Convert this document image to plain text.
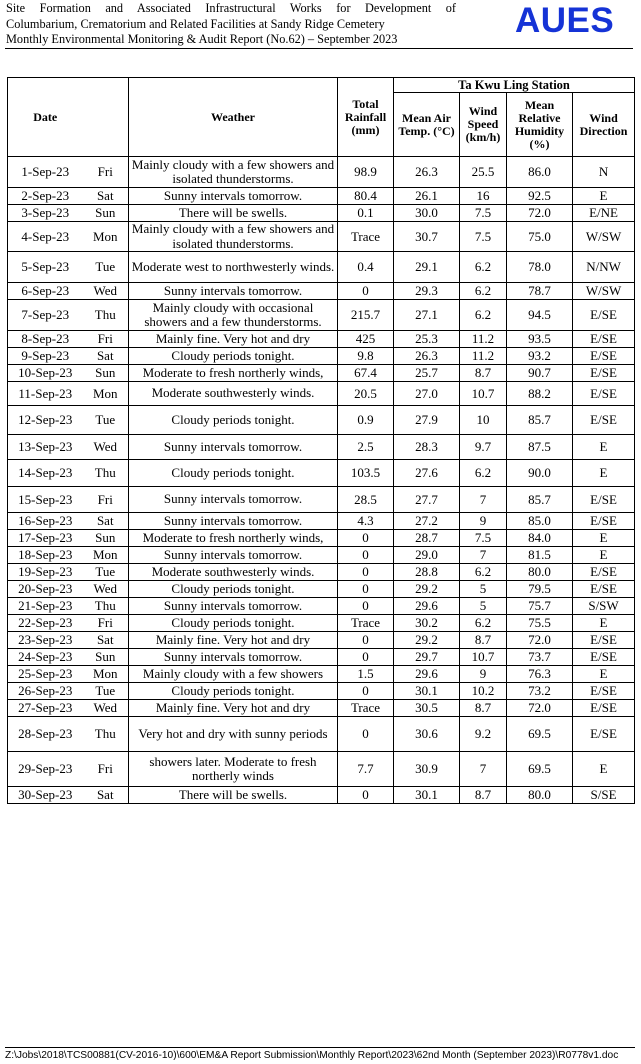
Site Formation and Associated Infrastructural Works for Development of
Columbarium, Crematorium and Related Facilities at Sandy Ridge Cemetery
Monthly Environmental Monitoring & Audit Report (No.62) – September 2023	AUES
Date		Weather	Total Rainfall (mm)	Ta Kwu Ling Station			
				Mean Air Temp. (°C)	Wind Speed (km/h)	Mean Relative Humidity (%)	Wind Direction
1-Sep-23	Fri	Mainly cloudy with a few showers and isolated thunderstorms.	98.9	26.3	25.5	86.0	N
2-Sep-23	Sat	Sunny intervals tomorrow.	80.4	26.1	16	92.5	E
3-Sep-23	Sun	There will be swells.	0.1	30.0	7.5	72.0	E/NE
4-Sep-23	Mon	Mainly cloudy with a few showers and isolated thunderstorms.	Trace	30.7	7.5	75.0	W/SW
5-Sep-23	Tue	Moderate west to northwesterly winds.	0.4	29.1	6.2	78.0	N/NW
6-Sep-23	Wed	Sunny intervals tomorrow.	0	29.3	6.2	78.7	W/SW
7-Sep-23	Thu	Mainly cloudy with occasional showers and a few thunderstorms.	215.7	27.1	6.2	94.5	E/SE
8-Sep-23	Fri	Mainly fine. Very hot and dry	425	25.3	11.2	93.5	E/SE
9-Sep-23	Sat	Cloudy periods tonight.	9.8	26.3	11.2	93.2	E/SE
10-Sep-23	Sun	Moderate to fresh northerly winds,	67.4	25.7	8.7	90.7	E/SE
11-Sep-23	Mon	Moderate southwesterly winds.	20.5	27.0	10.7	88.2	E/SE
12-Sep-23	Tue	Cloudy periods tonight.	0.9	27.9	10	85.7	E/SE
13-Sep-23	Wed	Sunny intervals tomorrow.	2.5	28.3	9.7	87.5	E
14-Sep-23	Thu	Cloudy periods tonight.	103.5	27.6	6.2	90.0	E
15-Sep-23	Fri	Sunny intervals tomorrow.	28.5	27.7	7	85.7	E/SE
16-Sep-23	Sat	Sunny intervals tomorrow.	4.3	27.2	9	85.0	E/SE
17-Sep-23	Sun	Moderate to fresh northerly winds,	0	28.7	7.5	84.0	E
18-Sep-23	Mon	Sunny intervals tomorrow.	0	29.0	7	81.5	E
19-Sep-23	Tue	Moderate southwesterly winds.	0	28.8	6.2	80.0	E/SE
20-Sep-23	Wed	Cloudy periods tonight.	0	29.2	5	79.5	E/SE
21-Sep-23	Thu	Sunny intervals tomorrow.	0	29.6	5	75.7	S/SW
22-Sep-23	Fri	Cloudy periods tonight.	Trace	30.2	6.2	75.5	E
23-Sep-23	Sat	Mainly fine. Very hot and dry	0	29.2	8.7	72.0	E/SE
24-Sep-23	Sun	Sunny intervals tomorrow.	0	29.7	10.7	73.7	E/SE
25-Sep-23	Mon	Mainly cloudy with a few showers	1.5	29.6	9	76.3	E
26-Sep-23	Tue	Cloudy periods tonight.	0	30.1	10.2	73.2	E/SE
27-Sep-23	Wed	Mainly fine. Very hot and dry	Trace	30.5	8.7	72.0	E/SE
28-Sep-23	Thu	Very hot and dry with sunny periods	0	30.6	9.2	69.5	E/SE
29-Sep-23	Fri	showers later. Moderate to fresh northerly winds	7.7	30.9	7	69.5	E
30-Sep-23	Sat	There will be swells.	0	30.1	8.7	80.0	S/SE
Z:\Jobs\2018\TCS00881(CV-2016-10)\600\EM&A Report Submission\Monthly Report\2023\62nd Month (September 2023)\R0778v1.doc
